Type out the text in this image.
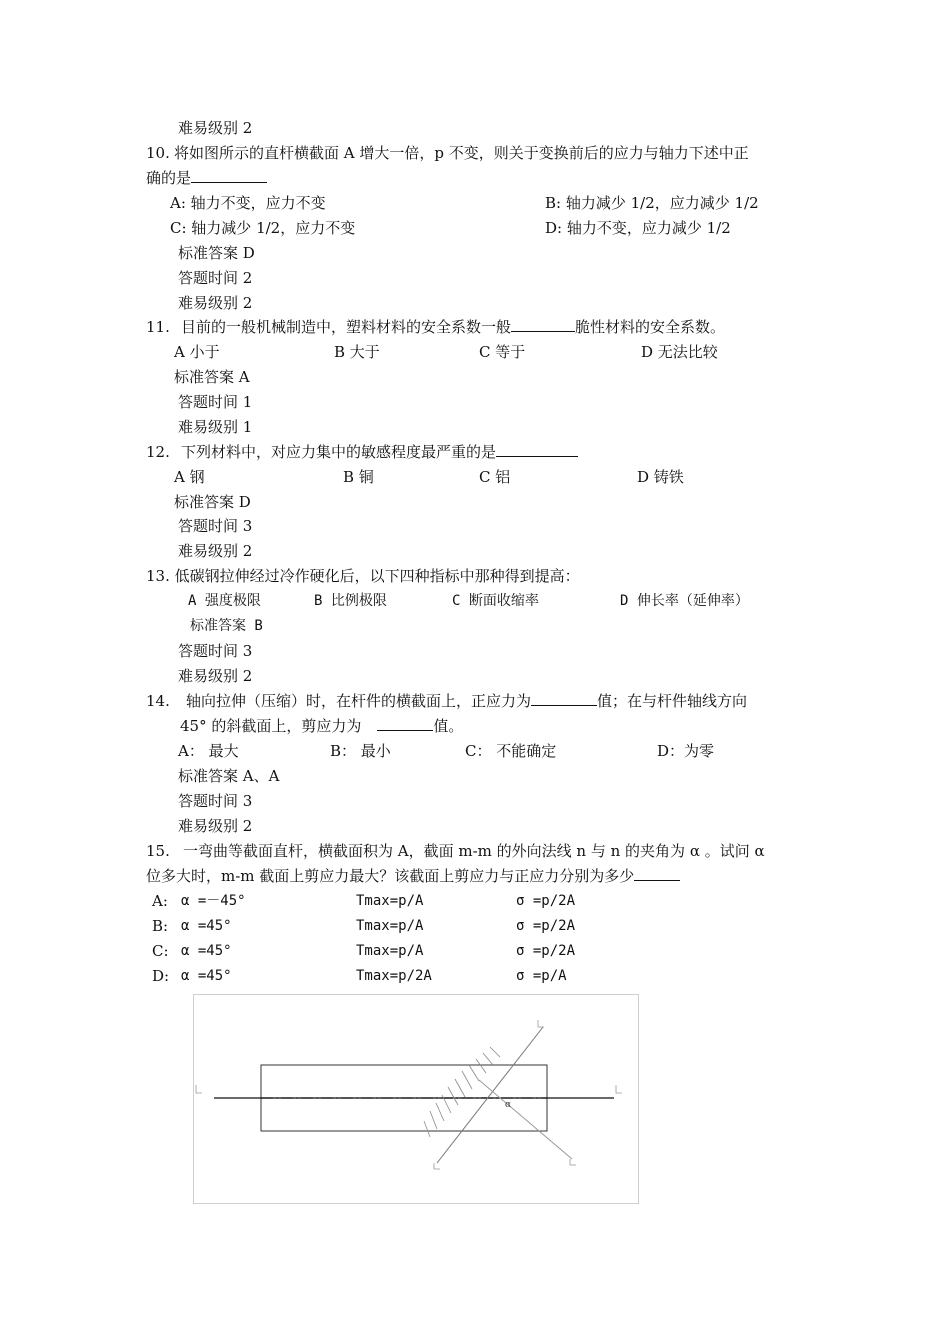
难易级别 2
10. 将如图所示的直杆横截面 A 增大一倍，p 不变，则关于变换前后的应力与轴力下述中正
确的是
A: 轴力不变，应力不变	B: 轴力减少 1/2，应力减少 1/2
C: 轴力减少 1/2，应力不变	D: 轴力不变，应力减少 1/2
标准答案 D
答题时间 2
难易级别 2
11. 目前的一般机械制造中，塑料材料的安全系数一般	脆性材料的安全系数。
A 小于	B 大于	C 等于	D 无法比较
标准答案 A
答题时间 1
难易级别 1
12. 下列材料中，对应力集中的敏感程度最严重的是
A 钢	B 铜	C 铝	D 铸铁
标准答案 D
答题时间 3
难易级别 2
13. 低碳钢拉伸经过冷作硬化后，以下四种指标中那种得到提高：
A 强度极限	B 比例极限	C 断面收缩率	D 伸长率（延伸率）
标准答案 B
答题时间 3
难易级别 2
14. 轴向拉伸（压缩）时，在杆件的横截面上，正应力为	值；在与杆件轴线方向
45° 的斜截面上，剪应力为	值。
A： 最大	B： 最小	C： 不能确定	D：为零
标准答案 A、A
答题时间 3
难易级别 2
15. 一弯曲等截面直杆，横截面积为 A，截面 m-m 的外向法线 n 与 n 的夹角为 α 。试问 α
位多大时，m-m 截面上剪应力最大？该截面上剪应力与正应力分别为多少
A: α =－45°	Tmax=p/A	σ =p/2A
B: α =45°	Tmax=p/A	σ =p/2A
C: α =45°	Tmax=p/A	σ =p/2A
D: α =45°	Tmax=p/2A	σ =p/A
α
